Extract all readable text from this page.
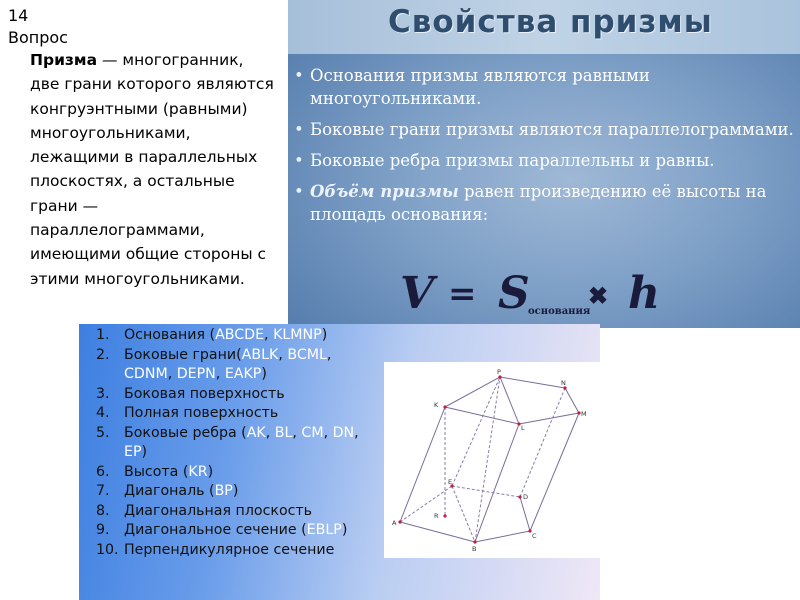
14
Вопрос
Призма — многогранник, две грани которого являются конгруэнтными (равными) многоугольниками, лежащими в параллельных плоскостях, а остальные грани — параллелограммами, имеющими общие стороны с этими многоугольниками.
Свойства призмы
• Основания призмы являются равными многоугольниками.
• Боковые грани призмы являются параллелограммами.
• Боковые ребра призмы параллельны и равны.
• Объём призмы равен произведению её высоты на площадь основания:
V = S
основания
✖ h
1.	Основания (ABCDE, KLMNP)
2.	Боковые грани(ABLK, BCML, CDNM, DEPN, EAKP)
3.	Боковая поверхность
4.	Полная поверхность
5.	Боковые ребра (AK, BL, CM, DN, EP)
6.	Высота (KR)
7.	Диагональ (BP)
8.	Диагональная плоскость
9.	Диагональное сечение (EBLP)
10. Перпендикулярное сечение
P
N
K
M
L
E
D
R
A
B
C
